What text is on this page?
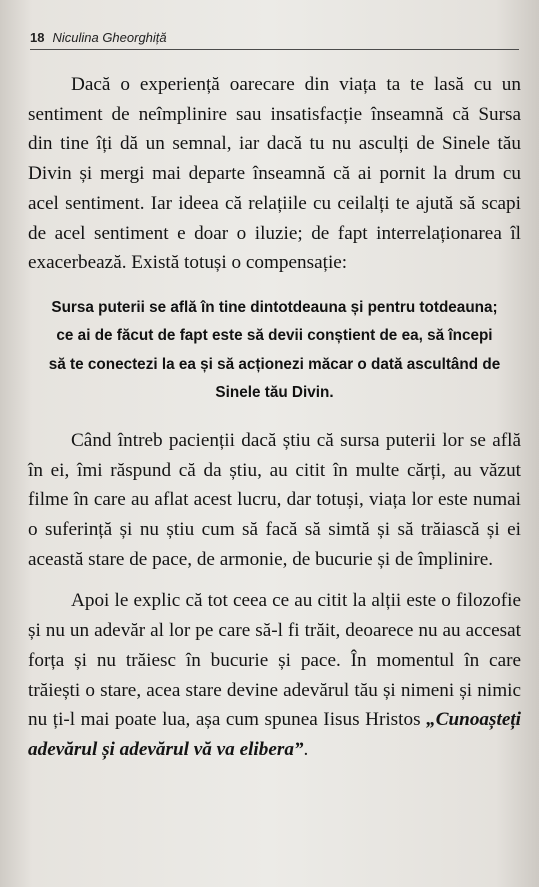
18 Niculina Gheorghiță

Dacă o experiență oarecare din viața ta te lasă cu un sentiment de neîmplinire sau insatisfacție înseamnă că Sursa din tine îți dă un semnal, iar dacă tu nu asculți de Sinele tău Divin și mergi mai departe înseamnă că ai pornit la drum cu acel sentiment. Iar ideea că relațiile cu ceilalți te ajută să scapi de acel sentiment e doar o iluzie; de fapt interrelaționarea îl exacerbează. Există totuși o compensație:

Sursa puterii se află în tine dintotdeauna și pentru totdeauna; ce ai de făcut de fapt este să devii conștient de ea, să începi să te conectezi la ea și să acționezi măcar o dată ascultând de Sinele tău Divin.

Când întreb pacienții dacă știu că sursa puterii lor se află în ei, îmi răspund că da știu, au citit în multe cărți, au văzut filme în care au aflat acest lucru, dar totuși, viața lor este numai o suferință și nu știu cum să facă să simtă și să trăiască și ei această stare de pace, de armonie, de bucurie și de împlinire.

Apoi le explic că tot ceea ce au citit la alții este o filozofie și nu un adevăr al lor pe care să-l fi trăit, deoarece nu au accesat forța și nu trăiesc în bucurie și pace. În momentul în care trăiești o stare, acea stare devine adevărul tău și nimeni și nimic nu ți-l mai poate lua, așa cum spunea Iisus Hristos „Cunoașteți adevărul și adevărul vă va elibera”.
